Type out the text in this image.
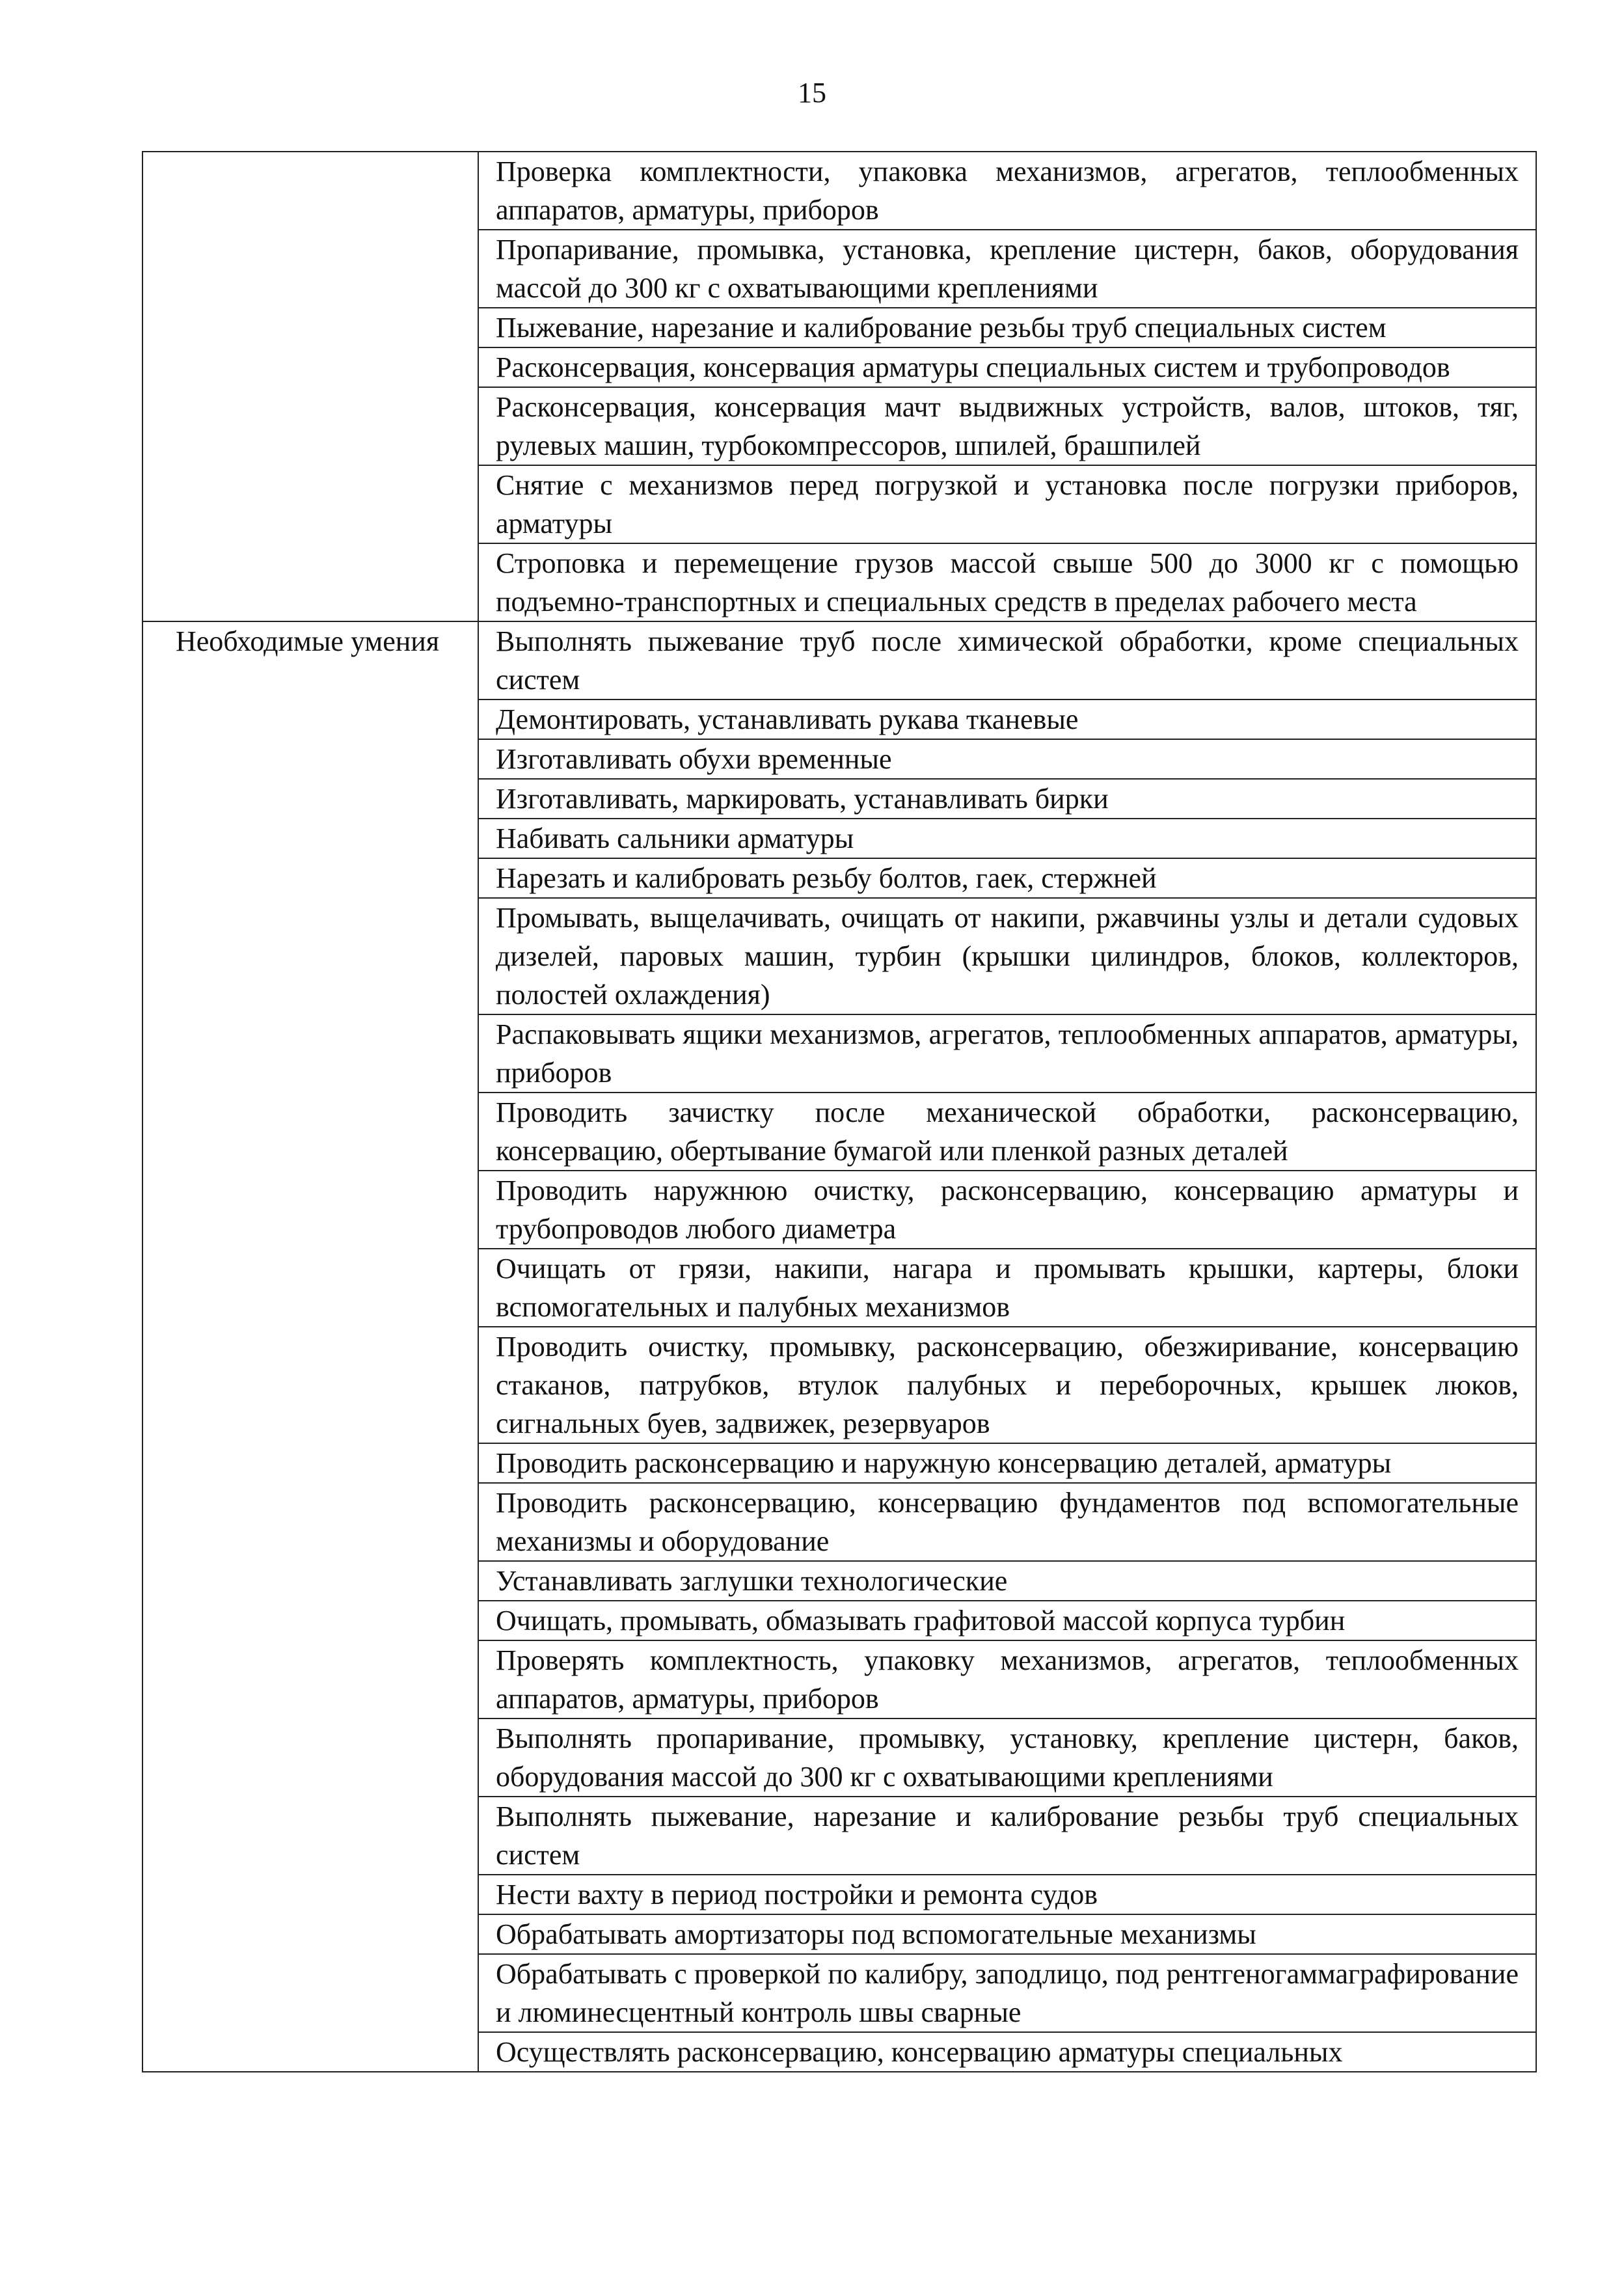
15

	Проверка комплектности, упаковка механизмов, агрегатов, теплообменных аппаратов, арматуры, приборов

	Пропаривание, промывка, установка, крепление цистерн, баков, оборудования массой до 300 кг с охватывающими креплениями

	Пыжевание, нарезание и калибрование резьбы труб специальных систем

	Расконсервация, консервация арматуры специальных систем и трубопроводов

	Расконсервация, консервация мачт выдвижных устройств, валов, штоков, тяг, рулевых машин, турбокомпрессоров, шпилей, брашпилей

	Снятие с механизмов перед погрузкой и установка после погрузки приборов, арматуры

	Строповка и перемещение грузов массой свыше 500 до 3000 кг с помощью подъемно-транспортных и специальных средств в пределах рабочего места

Необходимые умения	Выполнять пыжевание труб после химической обработки, кроме специальных систем

	Демонтировать, устанавливать рукава тканевые

	Изготавливать обухи временные

	Изготавливать, маркировать, устанавливать бирки

	Набивать сальники арматуры

	Нарезать и калибровать резьбу болтов, гаек, стержней

	Промывать, выщелачивать, очищать от накипи, ржавчины узлы и детали судовых дизелей, паровых машин, турбин (крышки цилиндров, блоков, коллекторов, полостей охлаждения)

	Распаковывать ящики механизмов, агрегатов, теплообменных аппаратов, арматуры, приборов

	Проводить зачистку после механической обработки, расконсервацию, консервацию, обертывание бумагой или пленкой разных деталей

	Проводить наружнюю очистку, расконсервацию, консервацию арматуры и трубопроводов любого диаметра

	Очищать от грязи, накипи, нагара и промывать крышки, картеры, блоки вспомогательных и палубных механизмов

	Проводить очистку, промывку, расконсервацию, обезжиривание, консервацию стаканов, патрубков, втулок палубных и переборочных, крышек люков, сигнальных буев, задвижек, резервуаров

	Проводить расконсервацию и наружную консервацию деталей, арматуры

	Проводить расконсервацию, консервацию фундаментов под вспомогательные механизмы и оборудование

	Устанавливать заглушки технологические

	Очищать, промывать, обмазывать графитовой массой корпуса турбин

	Проверять комплектность, упаковку механизмов, агрегатов, теплообменных аппаратов, арматуры, приборов

	Выполнять пропаривание, промывку, установку, крепление цистерн, баков, оборудования массой до 300 кг с охватывающими креплениями

	Выполнять пыжевание, нарезание и калибрование резьбы труб специальных систем

	Нести вахту в период постройки и ремонта судов

	Обрабатывать амортизаторы под вспомогательные механизмы

	Обрабатывать с проверкой по калибру, заподлицо, под рентгеногаммаграфирование и люминесцентный контроль швы сварные

	Осуществлять расконсервацию, консервацию арматуры специальных
